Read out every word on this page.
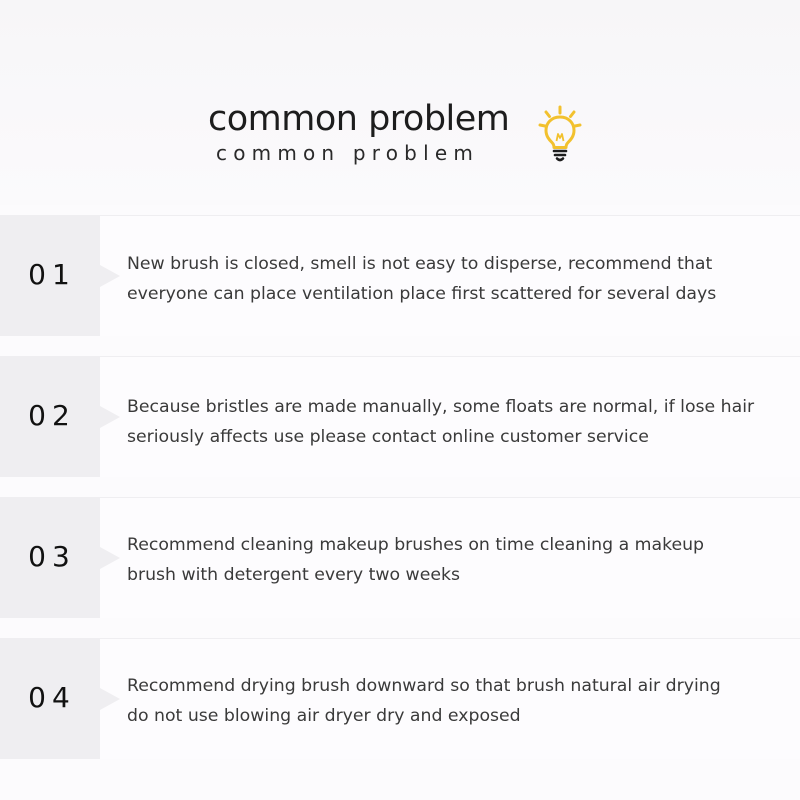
common problem
common problem
01	New brush is closed, smell is not easy to disperse, recommend that
everyone can place ventilation place first scattered for several days
02	Because bristles are made manually, some floats are normal, if lose hair
seriously affects use please contact online customer service
03	Recommend cleaning makeup brushes on time cleaning a makeup
brush with detergent every two weeks
04	Recommend drying brush downward so that brush natural air drying
do not use blowing air dryer dry and exposed
